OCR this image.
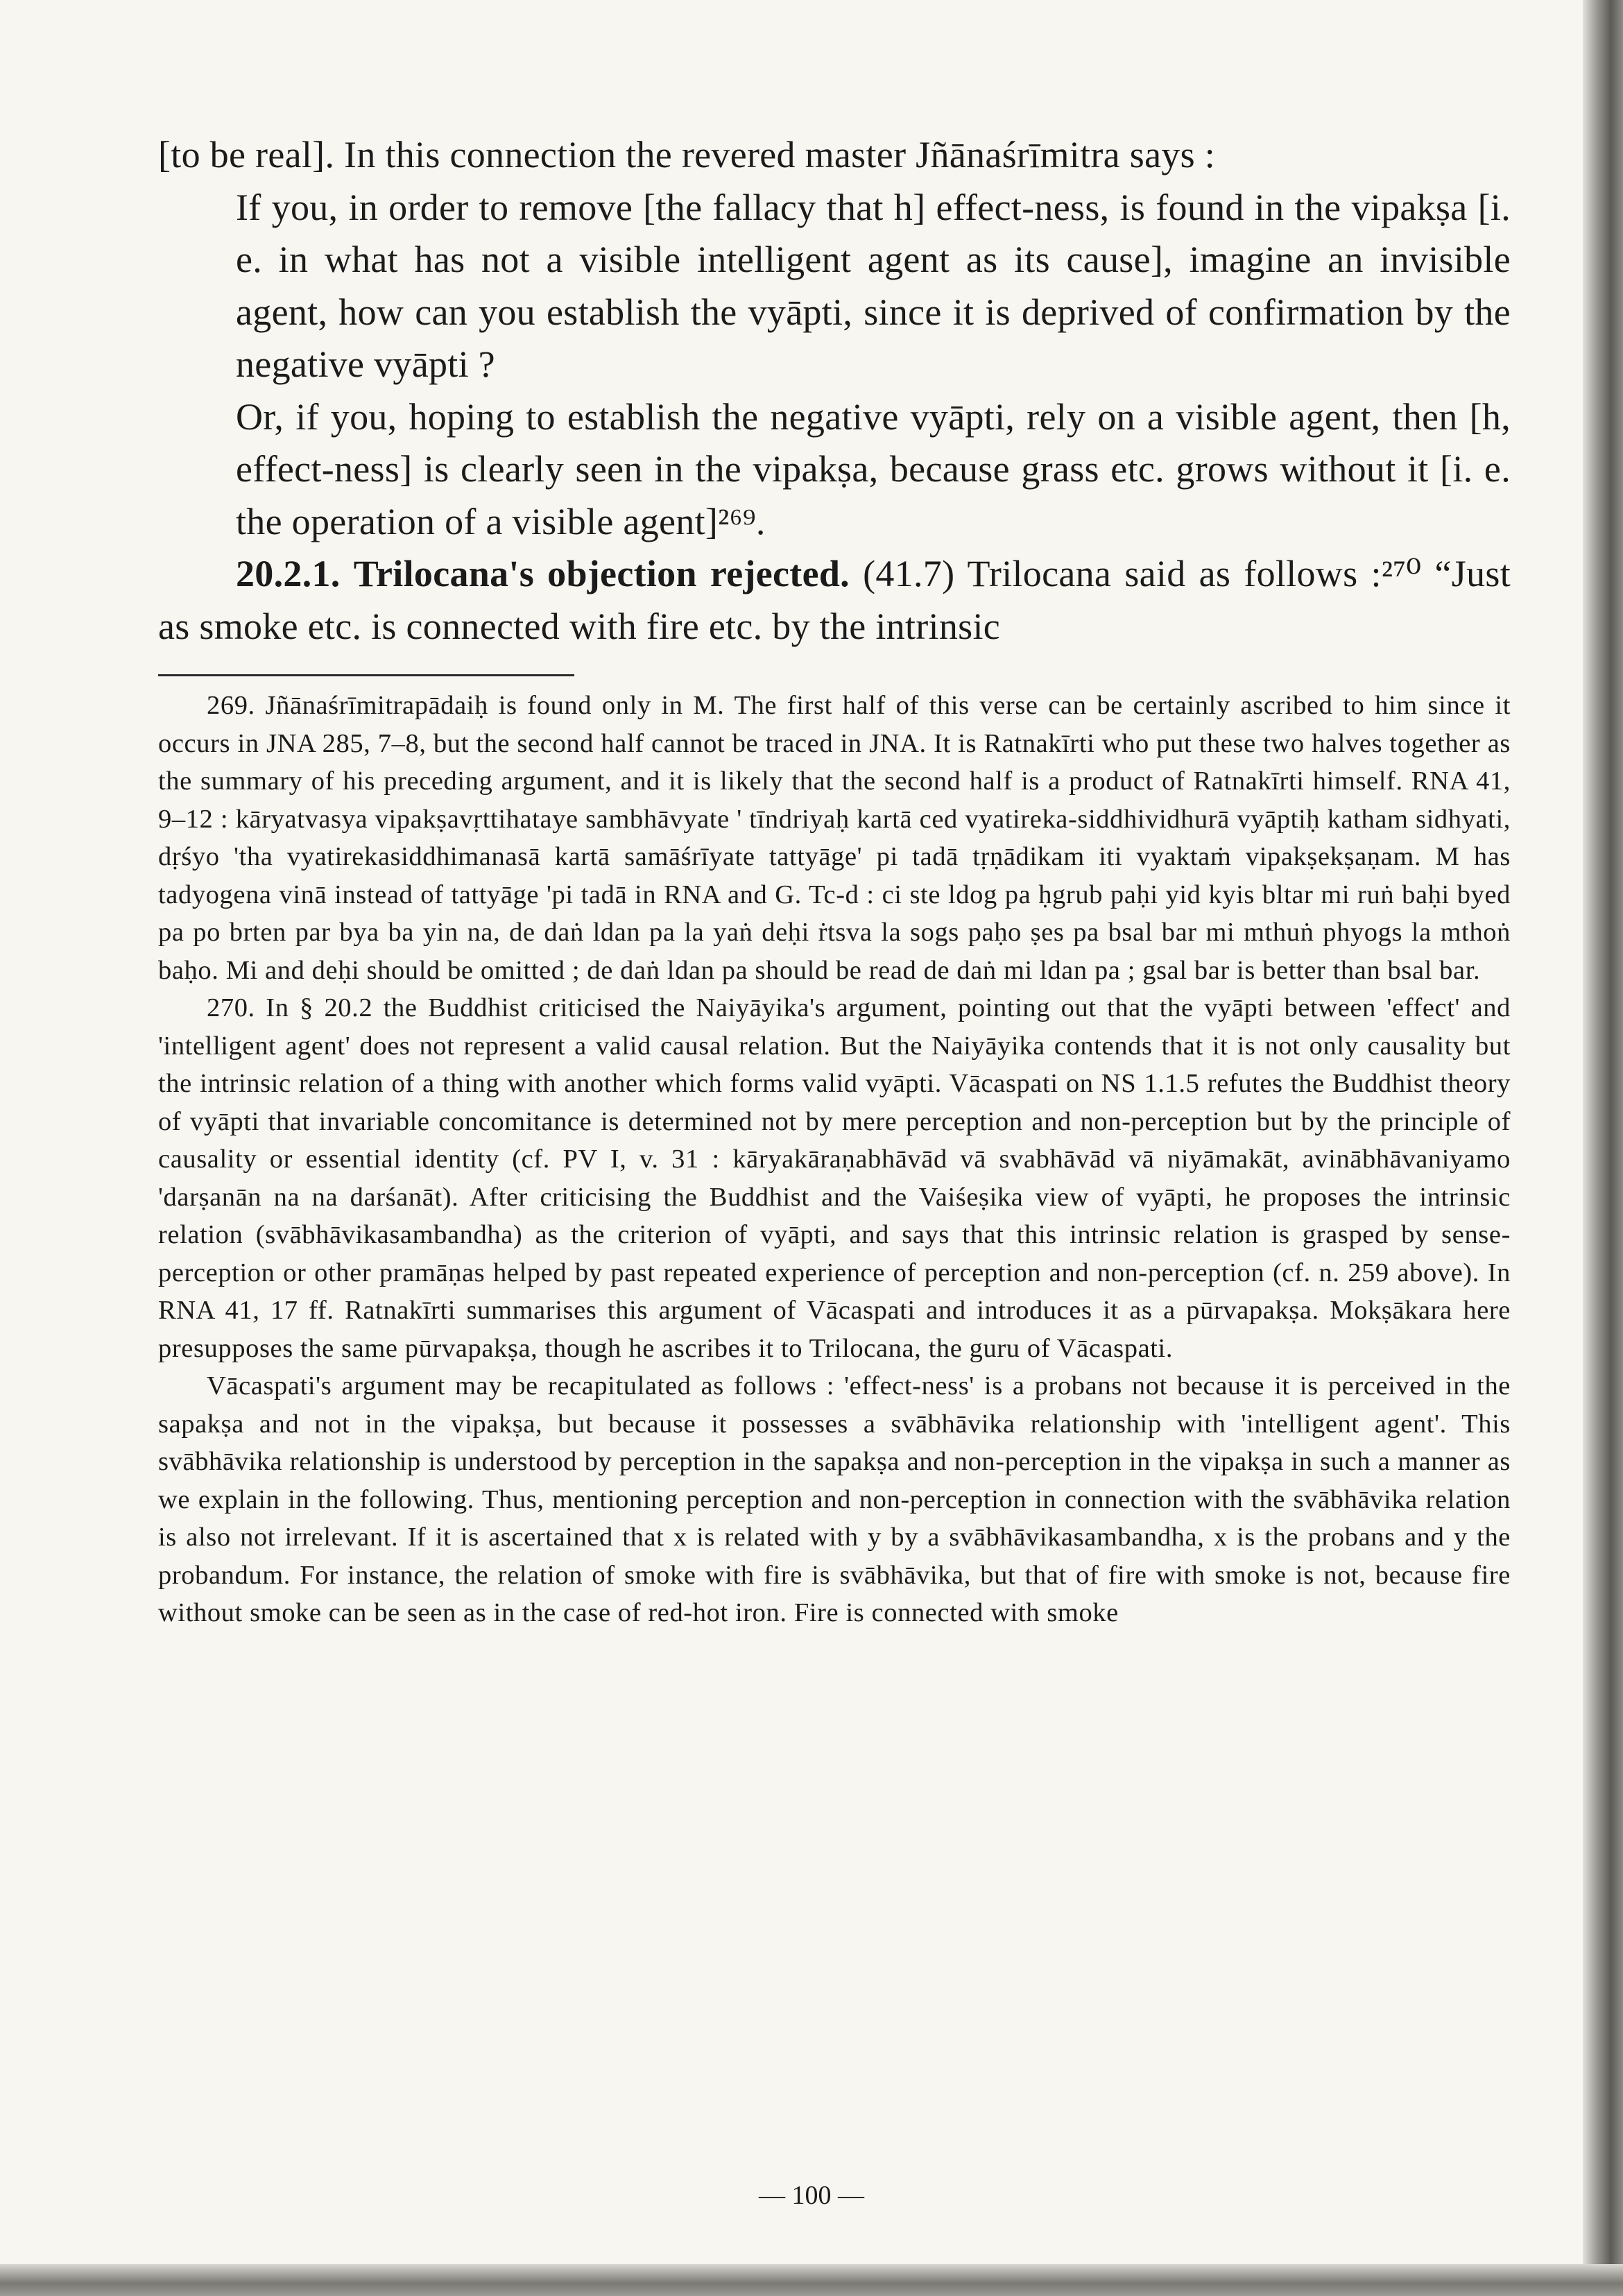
[to be real]. In this connection the revered master Jñānaśrīmitra says :

If you, in order to remove [the fallacy that h] effect-ness, is found in the vipakṣa [i. e. in what has not a visible intelligent agent as its cause], imagine an invisible agent, how can you establish the vyāpti, since it is deprived of confirmation by the negative vyāpti ?

Or, if you, hoping to establish the negative vyāpti, rely on a visible agent, then [h, effect-ness] is clearly seen in the vipakṣa, because grass etc. grows without it [i. e. the operation of a visible agent]²⁶⁹.

20.2.1. Trilocana's objection rejected. (41.7) Trilocana said as follows :²⁷⁰ “Just as smoke etc. is connected with fire etc. by the intrinsic

269. Jñānaśrīmitrapādaiḥ is found only in M. The first half of this verse can be certainly ascribed to him since it occurs in JNA 285, 7–8, but the second half cannot be traced in JNA. It is Ratnakīrti who put these two halves together as the summary of his preceding argument, and it is likely that the second half is a product of Ratnakīrti himself. RNA 41, 9–12 : kāryatvasya vipakṣavṛttihataye sambhāvyate ' tīndriyaḥ kartā ced vyatireka-siddhividhurā vyāptiḥ katham sidhyati, dṛśyo 'tha vyatirekasiddhimanasā kartā samāśrīyate tattyāge' pi tadā tṛṇādikam iti vyaktaṁ vipakṣekṣaṇam. M has tadyogena vinā instead of tattyāge 'pi tadā in RNA and G. Tc-d : ci ste ldog pa ḥgrub paḥi yid kyis bltar mi ruṅ baḥi byed pa po brten par bya ba yin na, de daṅ ldan pa la yaṅ deḥi ṙtsva la sogs paḥo ṣes pa bsal bar mi mthuṅ phyogs la mthoṅ baḥo. Mi and deḥi should be omitted ; de daṅ ldan pa should be read de daṅ mi ldan pa ; gsal bar is better than bsal bar.

270. In § 20.2 the Buddhist criticised the Naiyāyika's argument, pointing out that the vyāpti between 'effect' and 'intelligent agent' does not represent a valid causal relation. But the Naiyāyika contends that it is not only causality but the intrinsic relation of a thing with another which forms valid vyāpti. Vācaspati on NS 1.1.5 refutes the Buddhist theory of vyāpti that invariable concomitance is determined not by mere perception and non-perception but by the principle of causality or essential identity (cf. PV I, v. 31 : kāryakāraṇabhāvād vā svabhāvād vā niyāmakāt, avinābhāvaniyamo 'darṣanān na na darśanāt). After criticising the Buddhist and the Vaiśeṣika view of vyāpti, he proposes the intrinsic relation (svābhāvikasambandha) as the criterion of vyāpti, and says that this intrinsic relation is grasped by sense-perception or other pramāṇas helped by past repeated experience of perception and non-perception (cf. n. 259 above). In RNA 41, 17 ff. Ratnakīrti summarises this argument of Vācaspati and introduces it as a pūrvapakṣa. Mokṣākara here presupposes the same pūrvapakṣa, though he ascribes it to Trilocana, the guru of Vācaspati.

Vācaspati's argument may be recapitulated as follows : 'effect-ness' is a probans not because it is perceived in the sapakṣa and not in the vipakṣa, but because it possesses a svābhāvika relationship with 'intelligent agent'. This svābhāvika relationship is understood by perception in the sapakṣa and non-perception in the vipakṣa in such a manner as we explain in the following. Thus, mentioning perception and non-perception in connection with the svābhāvika relation is also not irrelevant. If it is ascertained that x is related with y by a svābhāvikasambandha, x is the probans and y the probandum. For instance, the relation of smoke with fire is svābhāvika, but that of fire with smoke is not, because fire without smoke can be seen as in the case of red-hot iron. Fire is connected with smoke

— 100 —
